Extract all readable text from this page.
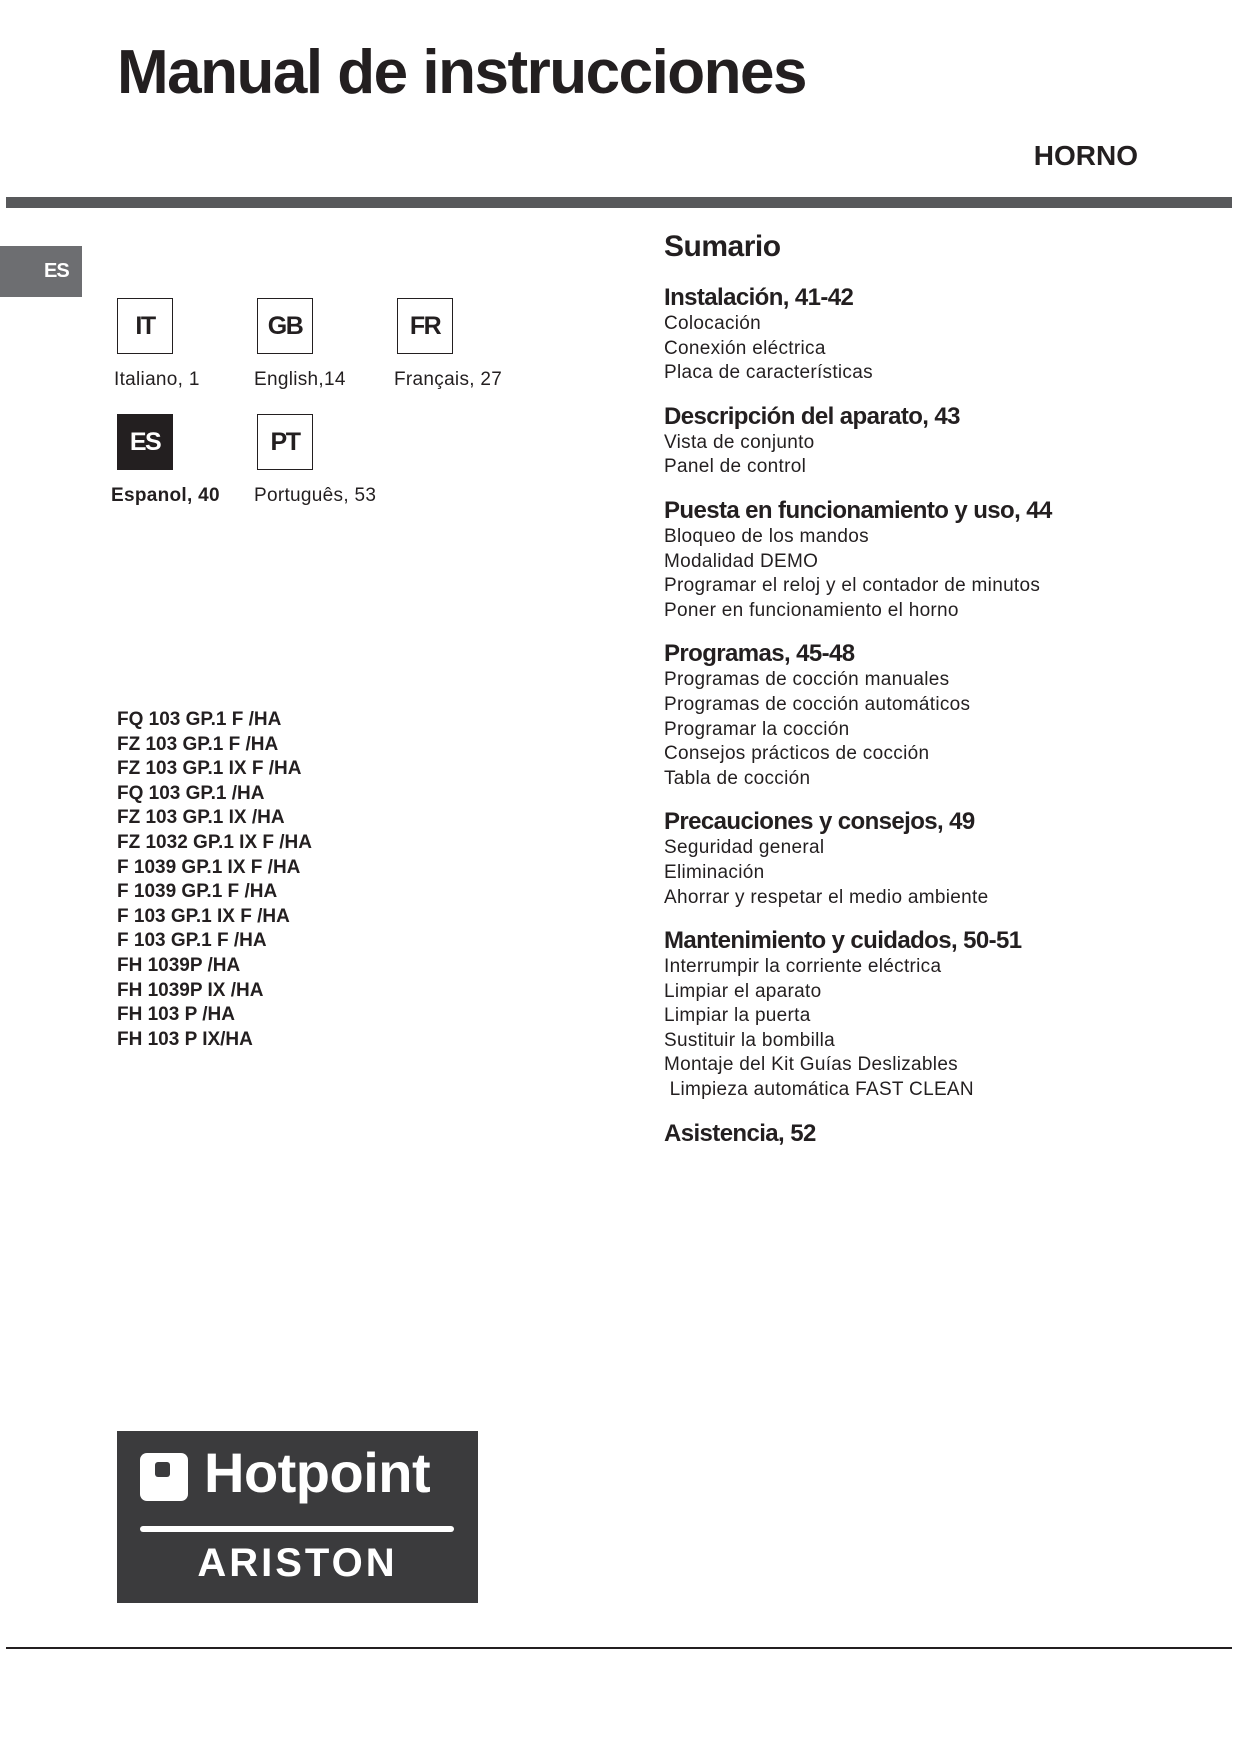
Manual de instrucciones
HORNO
ES
IT
Italiano, 1
GB
English,14
FR
Français, 27
ES
Espanol, 40
PT
Português, 53
FQ 103 GP.1 F /HA
FZ 103 GP.1 F /HA
FZ 103 GP.1 IX F /HA
FQ 103 GP.1 /HA
FZ 103 GP.1 IX /HA
FZ 1032 GP.1 IX F /HA
F 1039 GP.1 IX F /HA
F 1039 GP.1 F /HA
F 103 GP.1 IX F /HA
F 103 GP.1 F /HA
FH 1039P /HA
FH 1039P IX /HA
FH 103 P /HA
FH 103 P IX/HA
Sumario
Instalación, 41-42
Colocación
Conexión eléctrica
Placa de características
Descripción del aparato, 43
Vista de conjunto
Panel de control
Puesta en funcionamiento y uso, 44
Bloqueo de los mandos
Modalidad DEMO
Programar el reloj y el contador de minutos
Poner en funcionamiento el horno
Programas, 45-48
Programas de cocción manuales
Programas de cocción automáticos
Programar la cocción
Consejos prácticos de cocción
Tabla de cocción
Precauciones y consejos, 49
Seguridad general
Eliminación
Ahorrar y respetar el medio ambiente
Mantenimiento y cuidados, 50-51
Interrumpir la corriente eléctrica
Limpiar el aparato
Limpiar la puerta
Sustituir la bombilla
Montaje del Kit Guías Deslizables
Limpieza automática FAST CLEAN
Asistencia, 52
Hotpoint
ARISTON
